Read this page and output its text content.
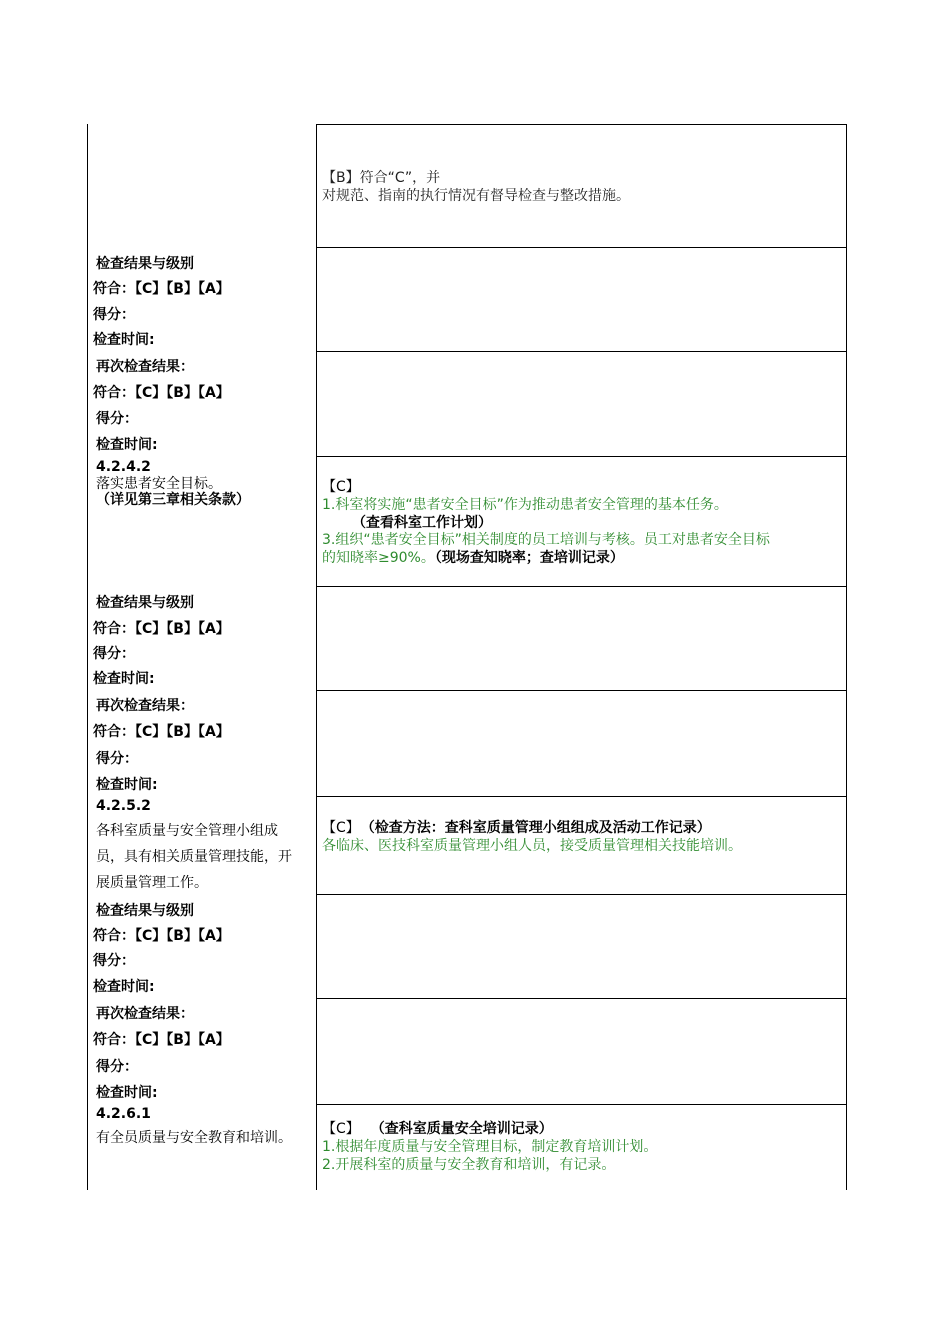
【B】符合“C”，并
对规范、指南的执行情况有督导检查与整改措施。
检查结果与级别
符合：【C】【B】【A】
得分：
检查时间:
再次检查结果：
符合：【C】【B】【A】
得分：
检查时间:
4.2.4.2
落实患者安全目标。
（详见第三章相关条款）
【C】
1.科室将实施“患者安全目标”作为推动患者安全管理的基本任务。
（查看科室工作计划）
3.组织“患者安全目标”相关制度的员工培训与考核。员工对患者安全目标
的知晓率≥90%。（现场查知晓率；查培训记录）
检查结果与级别
符合：【C】【B】【A】
得分：
检查时间:
再次检查结果：
符合：【C】【B】【A】
得分：
检查时间:
4.2.5.2
各科室质量与安全管理小组成
员，具有相关质量管理技能，开
展质量管理工作。
【C】 （检查方法：查科室质量管理小组组成及活动工作记录）
各临床、医技科室质量管理小组人员，接受质量管理相关技能培训。
检查结果与级别
符合：【C】【B】【A】
得分：
检查时间:
再次检查结果：
符合：【C】【B】【A】
得分：
检查时间:
4.2.6.1
有全员质量与安全教育和培训。
【C】 （查科室质量安全培训记录）
1.根据年度质量与安全管理目标，制定教育培训计划。
2.开展科室的质量与安全教育和培训，有记录。
